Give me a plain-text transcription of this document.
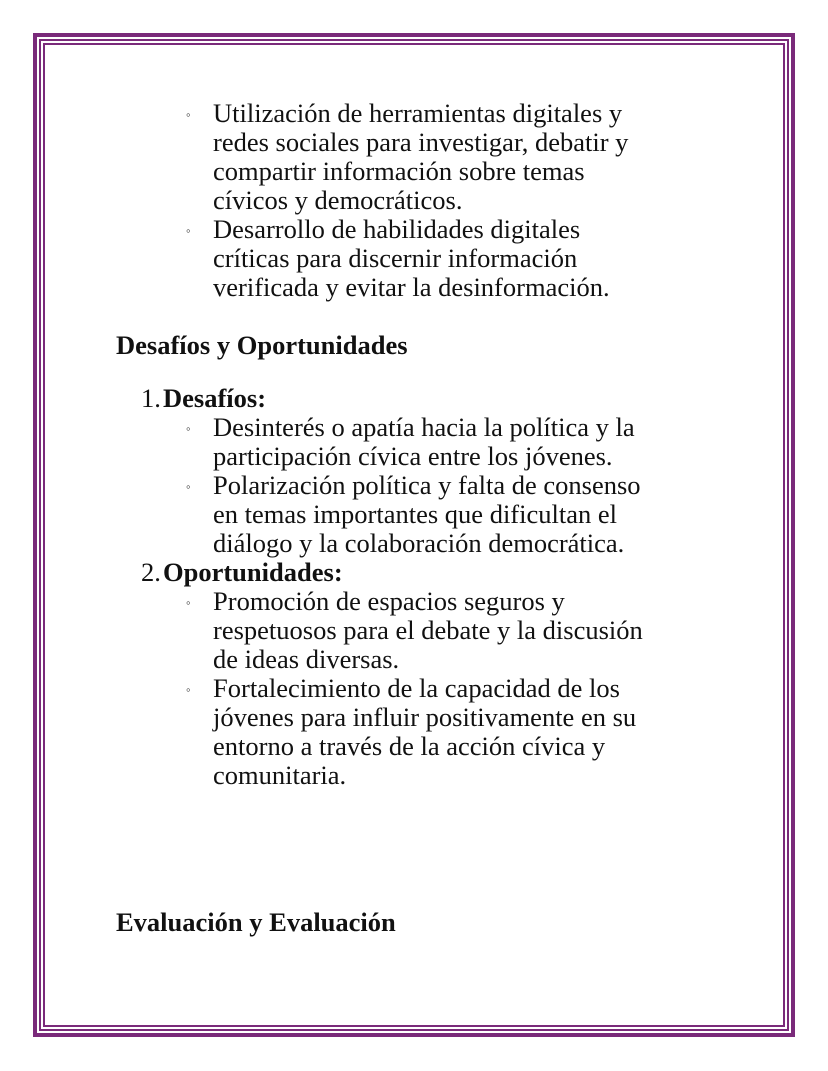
◦ Utilización de herramientas digitales y
redes sociales para investigar, debatir y
compartir información sobre temas
cívicos y democráticos.
◦ Desarrollo de habilidades digitales
críticas para discernir información
verificada y evitar la desinformación.
Desafíos y Oportunidades
1. Desafíos:
◦ Desinterés o apatía hacia la política y la
participación cívica entre los jóvenes.
◦ Polarización política y falta de consenso
en temas importantes que dificultan el
diálogo y la colaboración democrática.
2. Oportunidades:
◦ Promoción de espacios seguros y
respetuosos para el debate y la discusión
de ideas diversas.
◦ Fortalecimiento de la capacidad de los
jóvenes para influir positivamente en su
entorno a través de la acción cívica y
comunitaria.
Evaluación y Evaluación
